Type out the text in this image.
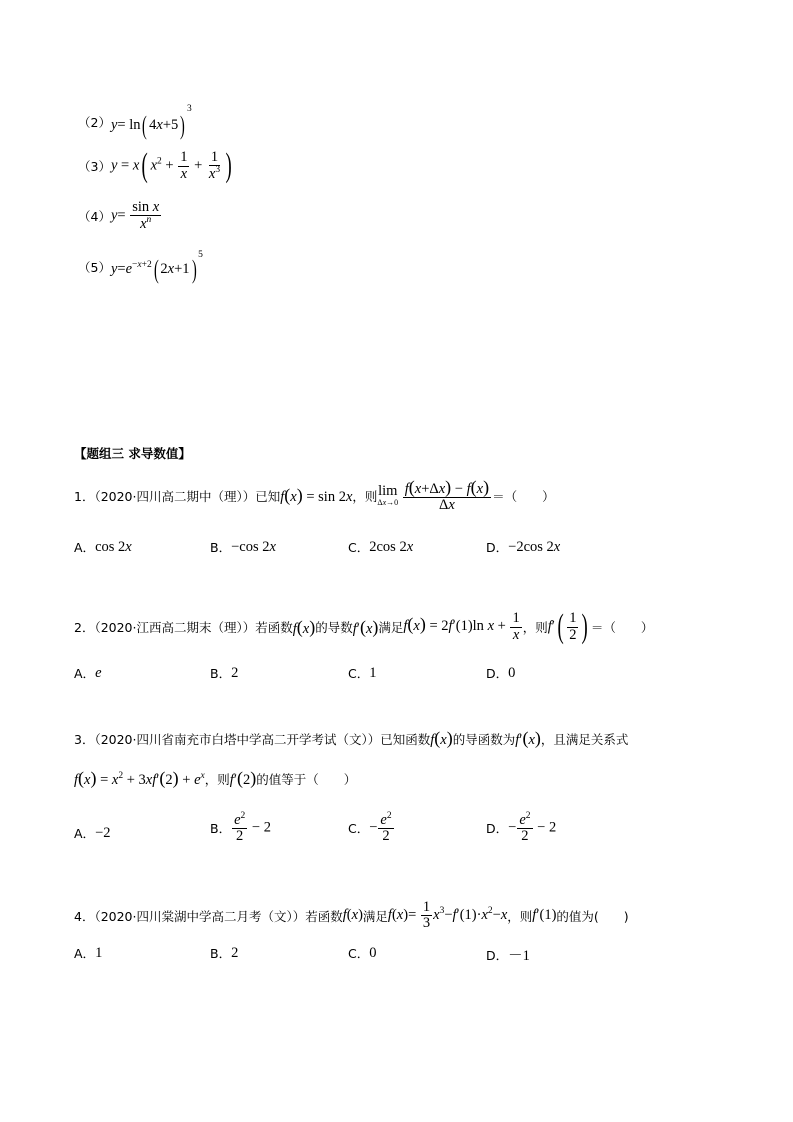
（2） y= ln( 4x+5)$^3$
（3） y = x( $x^2 + \frac{1}{x} + \frac{1}{x^3}$ )
（4） $y= \frac{\text{sin x}}{x^n}$
（5） $y=e^{-x+2}$( 2x+1) $^5$
【题组三 求导数值】
1．（2020·四川高二期中（理））已知 f(x) = sin 2x ，则 lim
Δx→0
$\frac{f(x+\Delta x) - f(x)}{\Delta x}$ ＝（　　）
A． cos 2x	B． −cos 2x	C． 2cos 2x	D． −2cos 2x
2．（2020·江西高二期末（理））若函数 f(x) 的导数 f′(x) 满足 f(x) = 2f′(1)ln $x + \frac{1}{x}$ ，则 $f'( \frac{1}{2}$ ) ＝（　　）
A． e	B． 2	C． 1	D． 0
3．（2020·四川省南充市白塔中学高二开学考试（文））已知函数 f(x) 的导函数为 f′(x) ，且满足关系式
$f(x) = x^2 + 3xf'(2) + e^x$ ，则 f′(2) 的值等于（　　）
A． −2	B． $\frac{e^2}{2} - 2$	C． − $\frac{e^2}{2}$	D． − $\frac{e^2}{2} - 2$
4．（2020·四川棠湖中学高二月考（文））若函数 f(x) 满足 $f(x)= \frac{1}{3} x^3-f'(1)\cdot x^2-x$ ，则 f′(1) 的值为(　　)
A． 1	B． 2	C． 0	D． －1
